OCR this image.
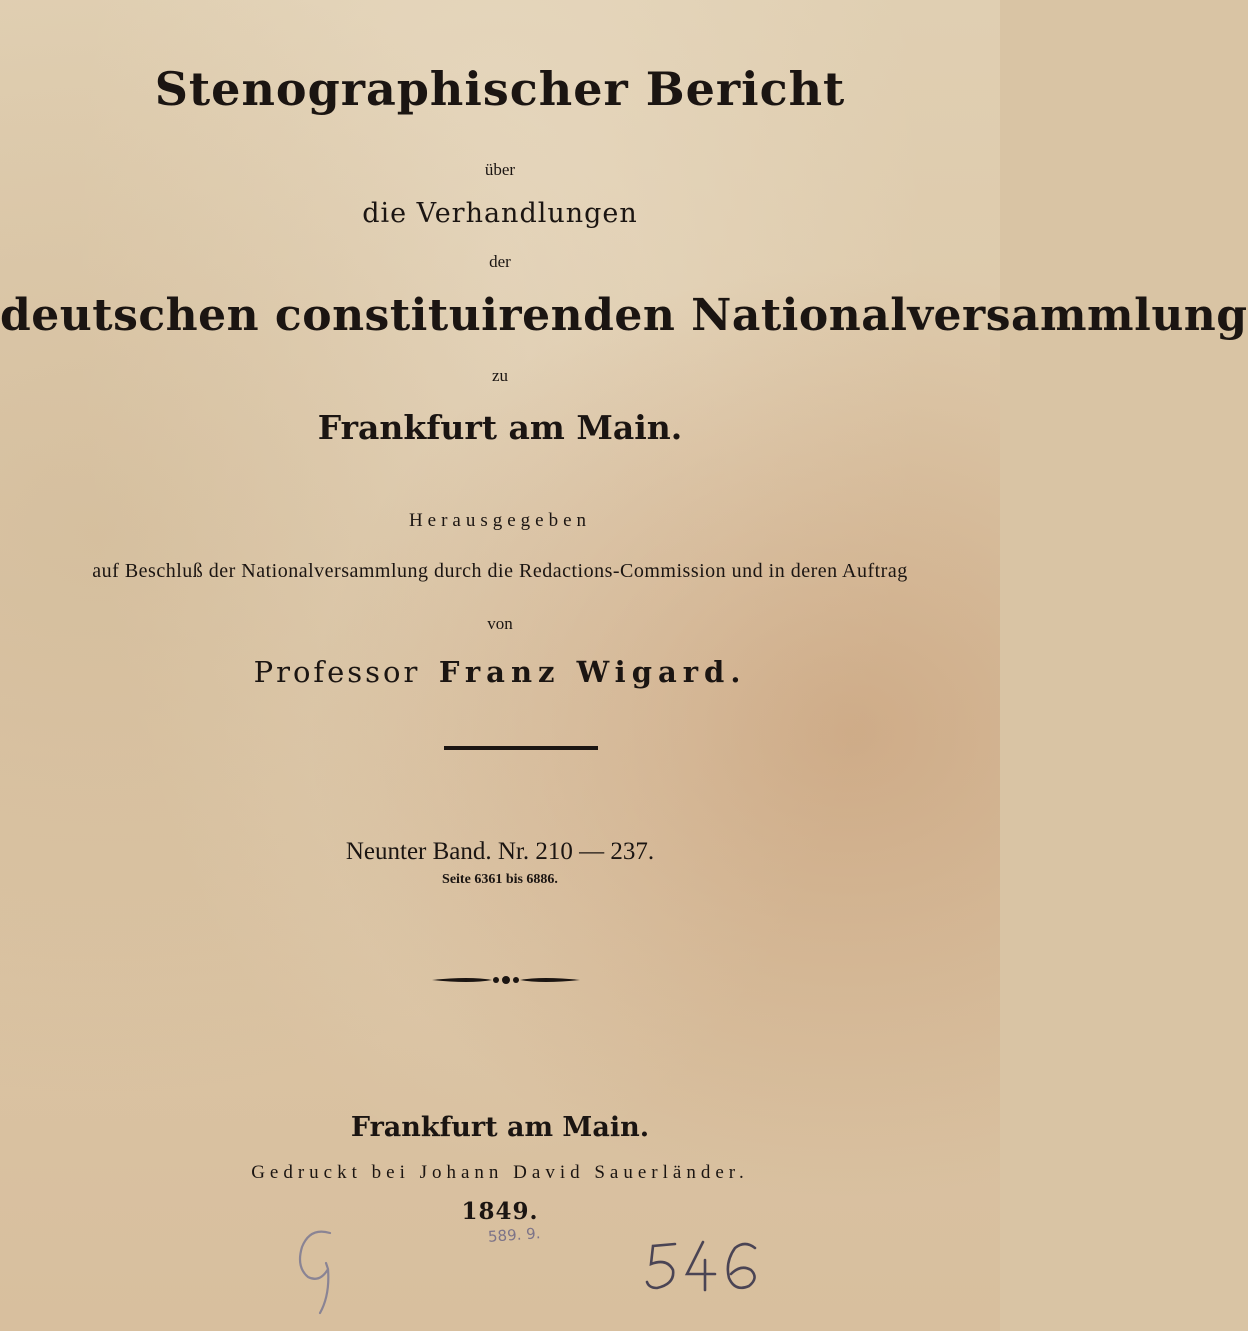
Stenographischer Bericht
über
die Verhandlungen
der
deutschen constituirenden Nationalversammlung
zu
Frankfurt am Main.
Herausgegeben
auf Beschluß der Nationalversammlung durch die Redactions-Commission und in deren Auftrag
von
Professor Franz Wigard.
Neunter Band. Nr. 210 — 237.
Seite 6361 bis 6886.
Frankfurt am Main.
Gedruckt bei Johann David Sauerländer.
1849.
589. 9.
